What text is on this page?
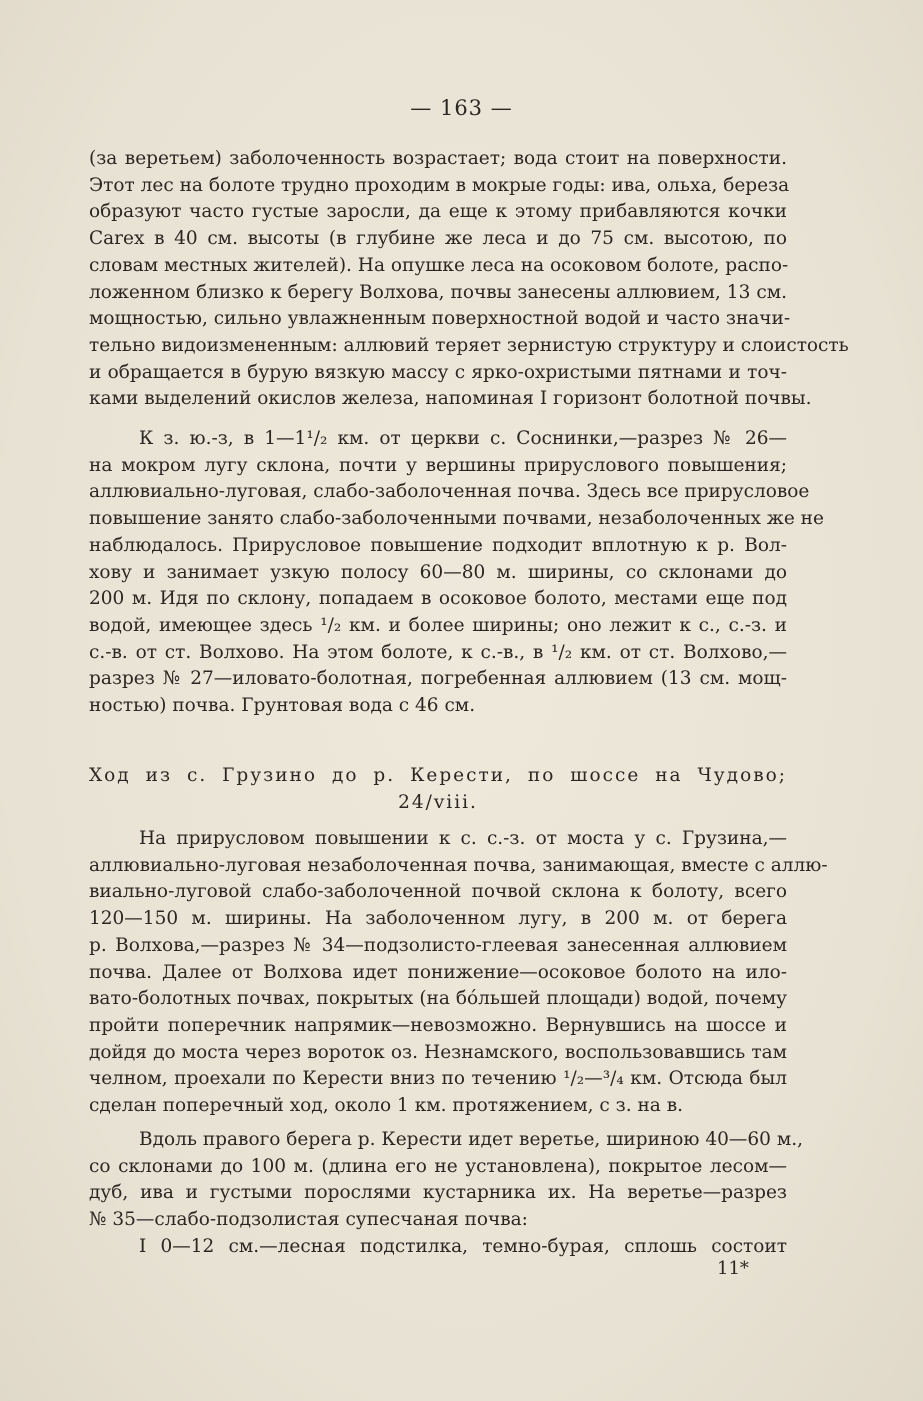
— 163 —
(за веретьем) заболоченность возрастает; вода стоит на поверхности.
Этот лес на болоте трудно проходим в мокрые годы: ива, ольха, береза
образуют часто густые заросли, да еще к этому прибавляются кочки
Carex в 40 см. высоты (в глубине же леса и до 75 см. высотою, по
словам местных жителей). На опушке леса на осоковом болоте, распо-
ложенном близко к берегу Волхова, почвы занесены аллювием, 13 см.
мощностью, сильно увлажненным поверхностной водой и часто значи-
тельно видоизмененным: аллювий теряет зернистую структуру и слоистость
и обращается в бурую вязкую массу с ярко-охристыми пятнами и точ-
ками выделений окислов железа, напоминая I горизонт болотной почвы.
К з. ю.-з, в 1—1¹/₂ км. от церкви с. Соснинки,—разрез № 26—
на мокром лугу склона, почти у вершины прируслового повышения;
аллювиально-луговая, слабо-заболоченная почва. Здесь все прирусловое
повышение занято слабо-заболоченными почвами, незаболоченных же не
наблюдалось. Прирусловое повышение подходит вплотную к р. Вол-
хову и занимает узкую полосу 60—80 м. ширины, со склонами до
200 м. Идя по склону, попадаем в осоковое болото, местами еще под
водой, имеющее здесь ¹/₂ км. и более ширины; оно лежит к с., с.-з. и
с.-в. от ст. Волхово. На этом болоте, к с.-в., в ¹/₂ км. от ст. Волхово,—
разрез № 27—иловато-болотная, погребенная аллювием (13 см. мощ-
ностью) почва. Грунтовая вода с 46 см.
Ход из с. Грузино до р. Керести, по шоссе на Чудово;
24/viii.
На прирусловом повышении к с. с.-з. от моста у с. Грузина,—
аллювиально-луговая незаболоченная почва, занимающая, вместе с аллю-
виально-луговой слабо-заболоченной почвой склона к болоту, всего
120—150 м. ширины. На заболоченном лугу, в 200 м. от берега
р. Волхова,—разрез № 34—подзолисто-глеевая занесенная аллювием
почва. Далее от Волхова идет понижение—осоковое болото на ило-
вато-болотных почвах, покрытых (на бо́льшей площади) водой, почему
пройти поперечник напрямик—невозможно. Вернувшись на шоссе и
дойдя до моста через вороток оз. Незнамского, воспользовавшись там
челном, проехали по Керести вниз по течению ¹/₂—³/₄ км. Отсюда был
сделан поперечный ход, около 1 км. протяжением, с з. на в.
Вдоль правого берега р. Керести идет веретье, шириною 40—60 м.,
со склонами до 100 м. (длина его не установлена), покрытое лесом—
дуб, ива и густыми порослями кустарника их. На веретье—разрез
№ 35—слабо-подзолистая супесчаная почва:
I 0—12 см.—лесная подстилка, темно-бурая, сплошь состоит
11*
